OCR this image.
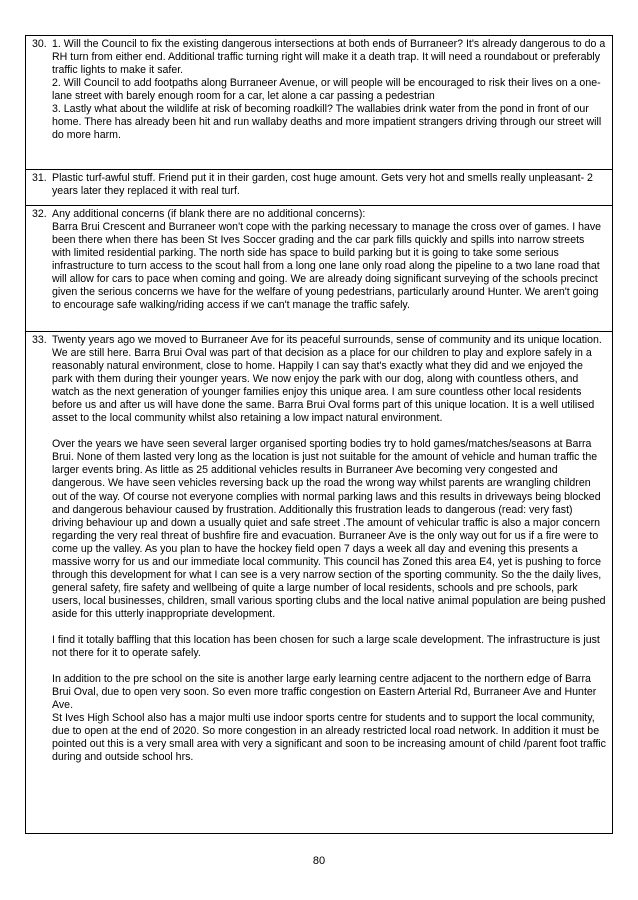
30. 1. Will the Council to fix the existing dangerous intersections at both ends of Burraneer? It's already dangerous to do a RH turn from either end. Additional traffic turning right will make it a death trap. It will need a roundabout or preferably traffic lights to make it safer.

2. Will Council to add footpaths along Burraneer Avenue, or will people will be encouraged to risk their lives on a one-lane street with barely enough room for a car, let alone a car passing a pedestrian

3. Lastly what about the wildlife at risk of becoming roadkill? The wallabies drink water from the pond in front of our home. There has already been hit and run wallaby deaths and more impatient strangers driving through our street will do more harm.

31. Plastic turf-awful stuff. Friend put it in their garden, cost huge amount. Gets very hot and smells really unpleasant- 2 years later they replaced it with real turf.

32. Any additional concerns (if blank there are no additional concerns):

Barra Brui Crescent and Burraneer won't cope with the parking necessary to manage the cross over of games. I have been there when there has been St Ives Soccer grading and the car park fills quickly and spills into narrow streets with limited residential parking. The north side has space to build parking but it is going to take some serious infrastructure to turn access to the scout hall from a long one lane only road along the pipeline to a two lane road that will allow for cars to pace when coming and going. We are already doing significant surveying of the schools precinct given the serious concerns we have for the welfare of young pedestrians, particularly around Hunter. We aren't going to encourage safe walking/riding access if we can't manage the traffic safely.

33. Twenty years ago we moved to Burraneer Ave for its peaceful surrounds, sense of community and its unique location. We are still here. Barra Brui Oval was part of that decision as a place for our children to play and explore safely in a reasonably natural environment, close to home. Happily I can say that's exactly what they did and we enjoyed the park with them during their younger years. We now enjoy the park with our dog, along with countless others, and watch as the next generation of younger families enjoy this unique area. I am sure countless other local residents before us and after us will have done the same. Barra Brui Oval forms part of this unique location. It is a well utilised asset to the local community whilst also retaining a low impact natural environment.

Over the years we have seen several larger organised sporting bodies try to hold games/matches/seasons at Barra Brui. None of them lasted very long as the location is just not suitable for the amount of vehicle and human traffic the larger events bring. As little as 25 additional vehicles results in Burraneer Ave becoming very congested and dangerous. We have seen vehicles reversing back up the road the wrong way whilst parents are wrangling children out of the way. Of course not everyone complies with normal parking laws and this results in driveways being blocked and dangerous behaviour caused by frustration. Additionally this frustration leads to dangerous (read: very fast) driving behaviour up and down a usually quiet and safe street .The amount of vehicular traffic is also a major concern regarding the very real threat of bushfire fire and evacuation. Burraneer Ave is the only way out for us if a fire were to come up the valley. As you plan to have the hockey field open 7 days a week all day and evening this presents a massive worry for us and our immediate local community. This council has Zoned this area E4, yet is pushing to force through this development for what I can see is a very narrow section of the sporting community. So the the daily lives, general safety, fire safety and wellbeing of quite a large number of local residents, schools and pre schools, park users, local businesses, children, small various sporting clubs and the local native animal population are being pushed aside for this utterly inappropriate development.

I find it totally baffling that this location has been chosen for such a large scale development. The infrastructure is just not there for it to operate safely.

In addition to the pre school on the site is another large early learning centre adjacent to the northern edge of Barra Brui Oval, due to open very soon. So even more traffic congestion on Eastern Arterial Rd, Burraneer Ave and Hunter Ave.

St Ives High School also has a major multi use indoor sports centre for students and to support the local community, due to open at the end of 2020. So more congestion in an already restricted local road network. In addition it must be pointed out this is a very small area with very a significant and soon to be increasing amount of child /parent foot traffic during and outside school hrs.

80
